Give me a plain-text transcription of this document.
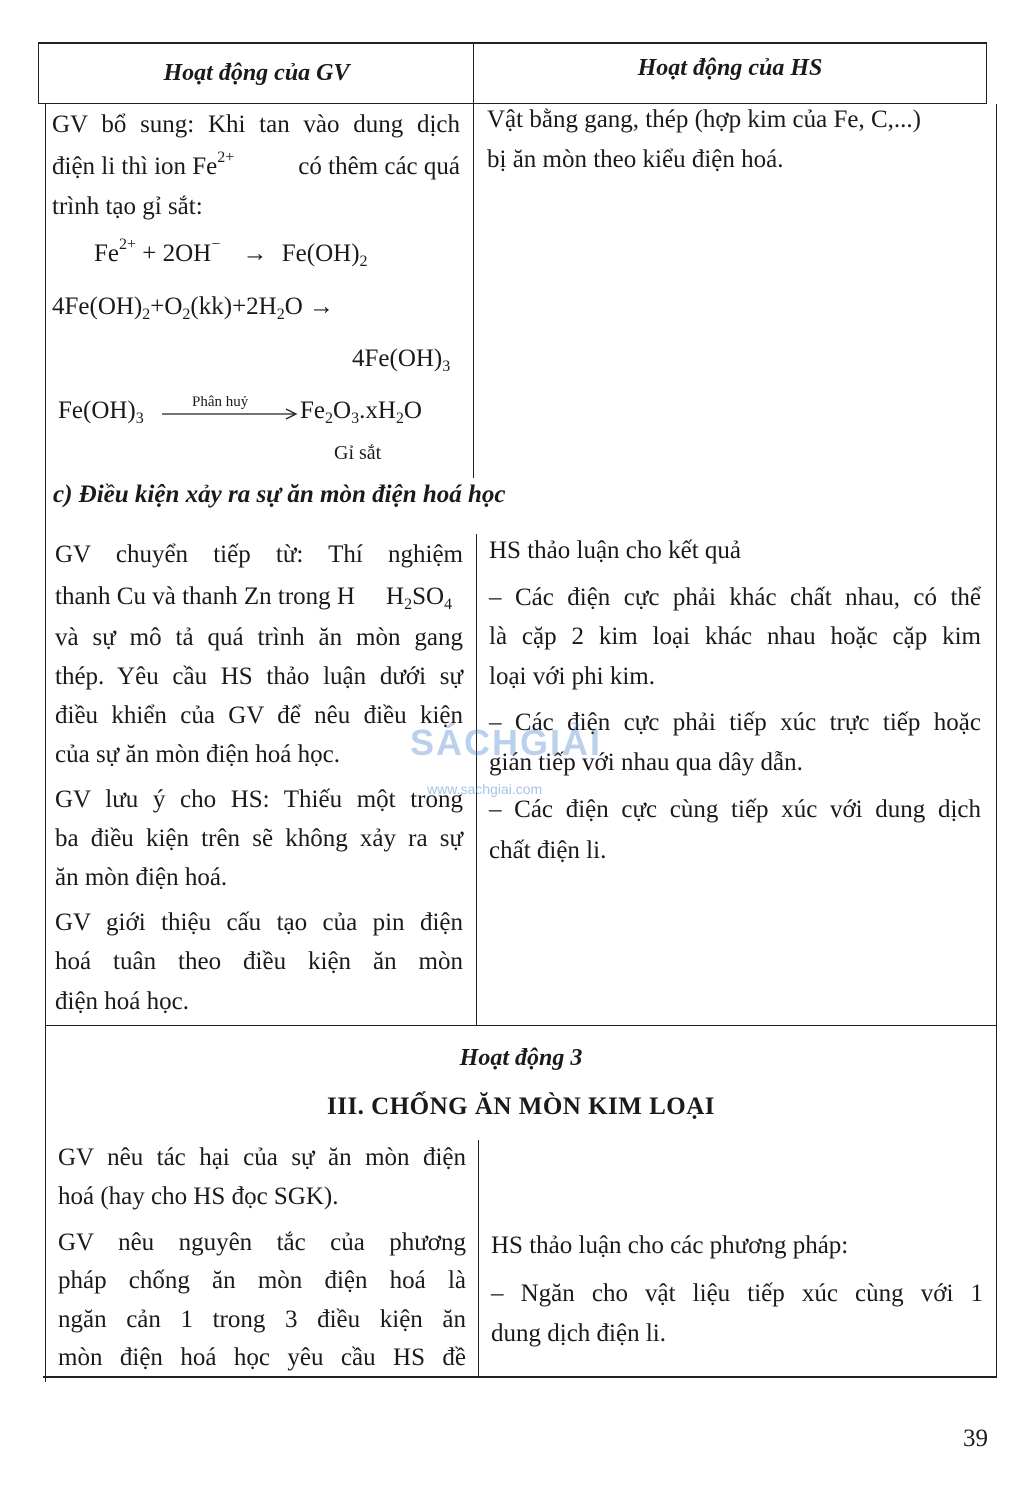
Hoạt động của GV	Hoạt động của HS
GV bổ sung: Khi tan vào dung dịch
điện li thì ion $Fe^{2+}$	có thêm các quá
trình tạo gỉ sắt:
$Fe^{2+} + 2OH^- \to Fe(OH)_2$
$4Fe(OH)_2+O_2(kk)+2H_2O$ →
$4Fe(OH)_3$
$Fe(OH)_3$
Phân huỷ $Fe_2O_3.xH_2O$
Gỉ sắt
Vật bằng gang, thép (hợp kim của Fe, C,...)
bị ăn mòn theo kiểu điện hoá.
c) Điều kiện xảy ra sự ăn mòn điện hoá học
GV chuyển tiếp từ: Thí nghiệm
thanh Cu và thanh Zn trong H $H_2SO_4$
và sự mô tả quá trình ăn mòn gang
thép. Yêu cầu HS thảo luận dưới sự
điều khiển của GV để nêu điều kiện
của sự ăn mòn điện hoá học.
GV lưu ý cho HS: Thiếu một trong
ba điều kiện trên sẽ không xảy ra sự
ăn mòn điện hoá.
GV giới thiệu cấu tạo của pin điện
hoá tuân theo điều kiện ăn mòn
điện hoá học.
HS thảo luận cho kết quả
– Các điện cực phải khác chất nhau, có thể
là cặp 2 kim loại khác nhau hoặc cặp kim
loại với phi kim.
– Các điện cực phải tiếp xúc trực tiếp hoặc
gián tiếp với nhau qua dây dẫn.
– Các điện cực cùng tiếp xúc với dung dịch
chất điện li.
SÁCHGIẢI
www.sachgiai.com
Hoạt động 3
III. CHỐNG ĂN MÒN KIM LOẠI
GV nêu tác hại của sự ăn mòn điện
hoá (hay cho HS đọc SGK).
GV nêu nguyên tắc của phương
pháp chống ăn mòn điện hoá là
ngăn cản 1 trong 3 điều kiện ăn
mòn điện hoá học yêu cầu HS đề
HS thảo luận cho các phương pháp:
– Ngăn cho vật liệu tiếp xúc cùng với 1
dung dịch điện li.
39
